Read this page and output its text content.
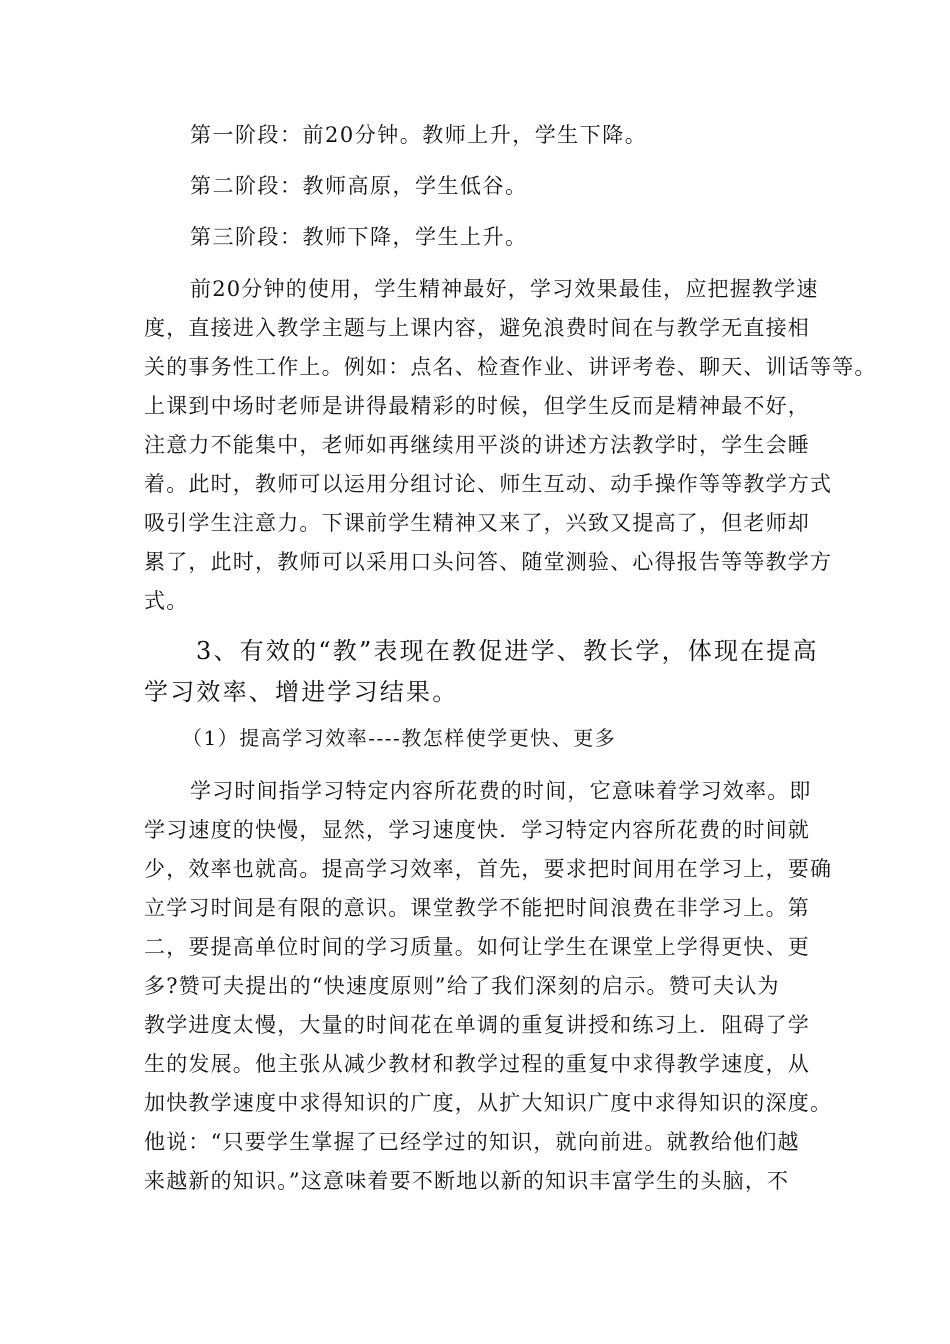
第一阶段：前20分钟。教师上升，学生下降。
第二阶段：教师高原，学生低谷。
第三阶段：教师下降，学生上升。
前20分钟的使用，学生精神最好，学习效果最佳，应把握教学速
度，直接进入教学主题与上课内容，避免浪费时间在与教学无直接相
关的事务性工作上。例如：点名、检查作业、讲评考卷、聊天、训话等等。
上课到中场时老师是讲得最精彩的时候，但学生反而是精神最不好，
注意力不能集中，老师如再继续用平淡的讲述方法教学时，学生会睡
着。此时，教师可以运用分组讨论、师生互动、动手操作等等教学方式
吸引学生注意力。下课前学生精神又来了，兴致又提高了，但老师却
累了，此时，教师可以采用口头问答、随堂测验、心得报告等等教学方
式。
3、有效的“教”表现在教促进学、教长学，体现在提高
学习效率、增进学习结果。
（1）提高学习效率----教怎样使学更快、更多
学习时间指学习特定内容所花费的时间，它意味着学习效率。即
学习速度的快慢，显然，学习速度快．学习特定内容所花费的时间就
少，效率也就高。提高学习效率，首先，要求把时间用在学习上，要确
立学习时间是有限的意识。课堂教学不能把时间浪费在非学习上。第
二，要提高单位时间的学习质量。如何让学生在课堂上学得更快、更
多?赞可夫提出的“快速度原则”给了我们深刻的启示。赞可夫认为
教学进度太慢，大量的时间花在单调的重复讲授和练习上．阻碍了学
生的发展。他主张从减少教材和教学过程的重复中求得教学速度，从
加快教学速度中求得知识的广度，从扩大知识广度中求得知识的深度。
他说：“只要学生掌握了已经学过的知识，就向前进。就教给他们越
来越新的知识。”这意味着要不断地以新的知识丰富学生的头脑，不
